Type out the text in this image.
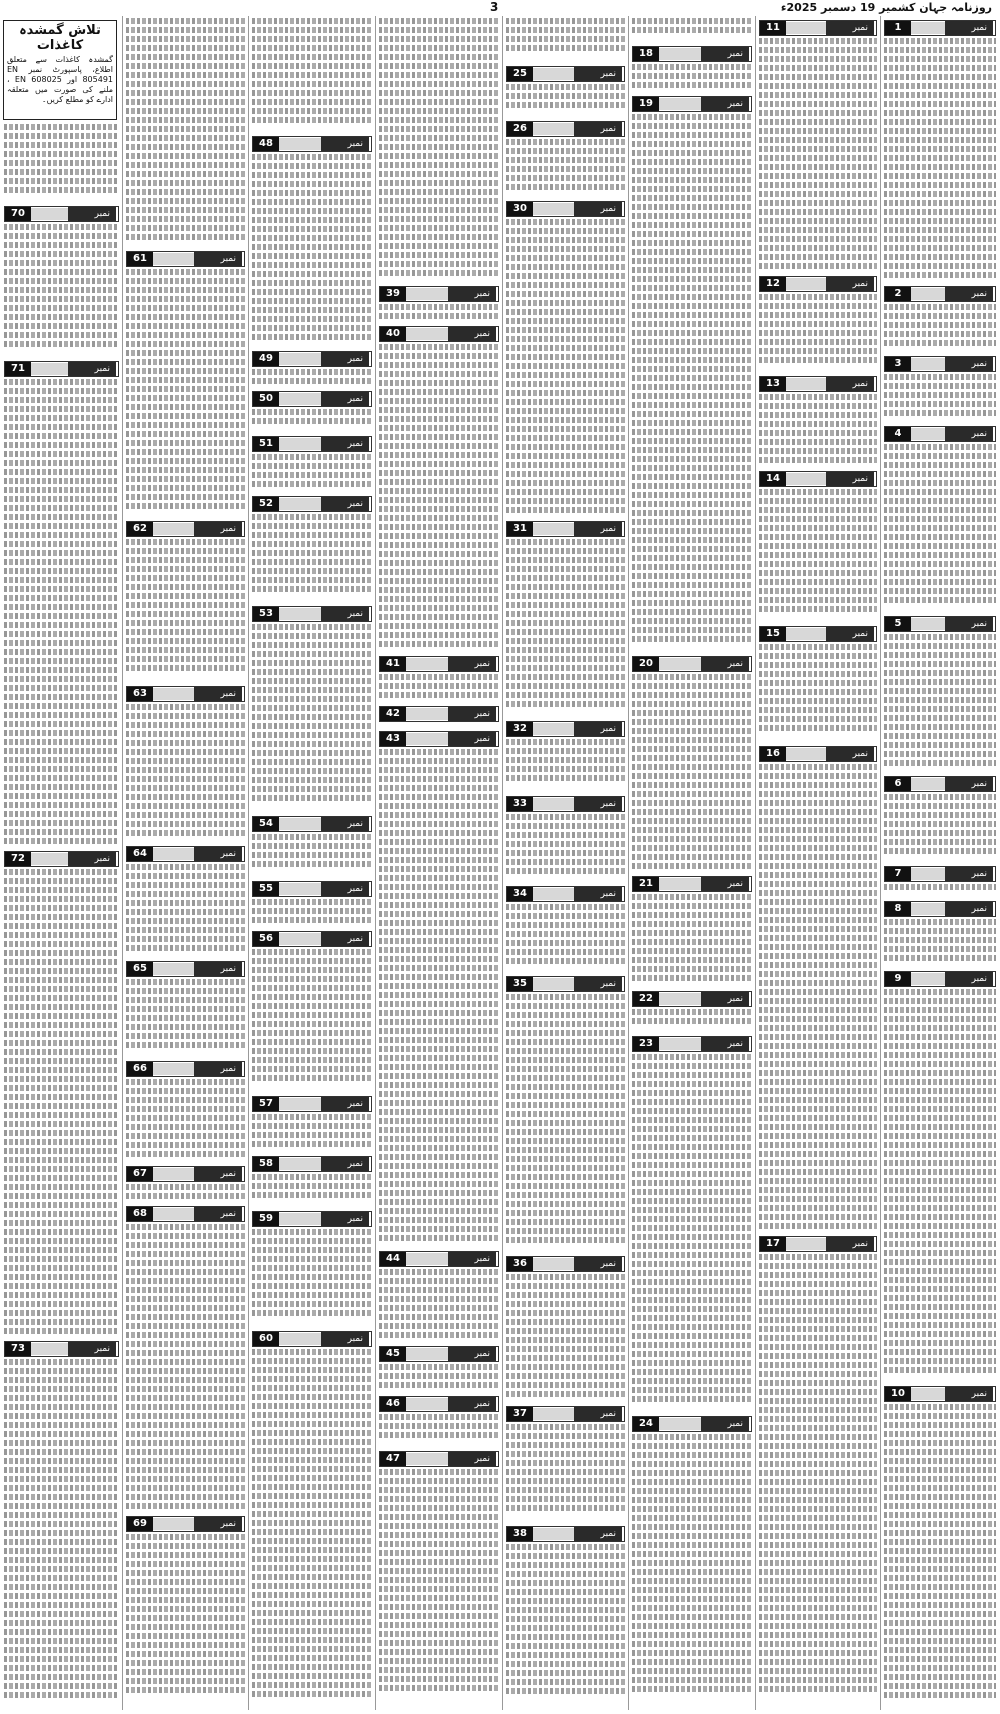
3	روزنامہ جہان کشمیر 19 دسمبر 2025ء
نمبر
1
نمبر
2
نمبر
3
نمبر
4
نمبر
5
نمبر
6
نمبر
7
نمبر
8
نمبر
9
نمبر
10
نمبر
11
نمبر
12
نمبر
13
نمبر
14
نمبر
15
نمبر
16
نمبر
17
نمبر
18
نمبر
19
نمبر
20
نمبر
21
نمبر
22
نمبر
23
نمبر
24
نمبر
25
نمبر
26
نمبر
30
نمبر
31
نمبر
32
نمبر
33
نمبر
34
نمبر
35
نمبر
36
نمبر
37
نمبر
38
نمبر
39
نمبر
40
نمبر
41
نمبر
42
نمبر
43
نمبر
44
نمبر
45
نمبر
46
نمبر
47
نمبر
48
نمبر
49
نمبر
50
نمبر
51
نمبر
52
نمبر
53
نمبر
54
نمبر
55
نمبر
56
نمبر
57
نمبر
58
نمبر
59
نمبر
60
نمبر
61
نمبر
62
نمبر
63
نمبر
64
نمبر
65
نمبر
66
نمبر
67
نمبر
68
نمبر
69
نمبر
70
نمبر
71
نمبر
72
نمبر
73
تلاش گمشدہ کاغذات

گمشدہ کاغذات سے متعلق اطلاع، پاسپورٹ نمبر EN 805491 اور EN 608025 ، ملنے کی صورت میں متعلقہ ادارے کو مطلع کریں۔
